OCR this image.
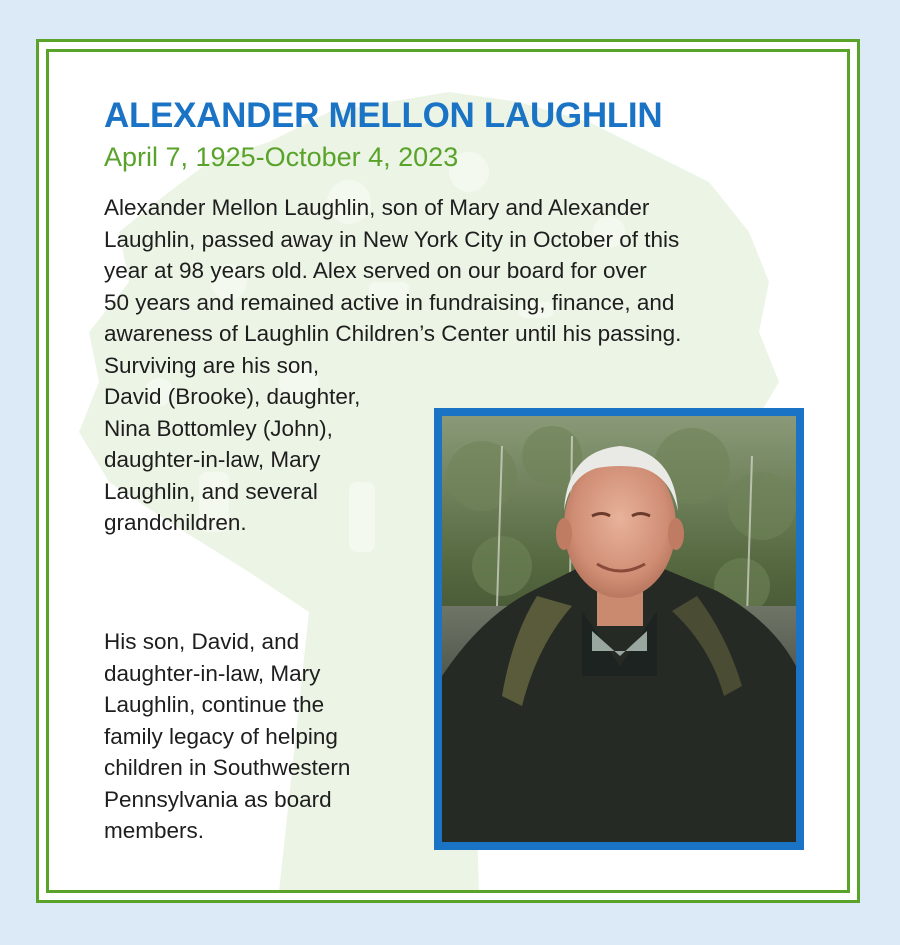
ALEXANDER MELLON LAUGHLIN
April 7, 1925-October 4, 2023
Alexander Mellon Laughlin, son of Mary and Alexander
Laughlin, passed away in New York City in October of this
year at 98 years old. Alex served on our board for over
50 years and remained active in fundraising, finance, and
awareness of Laughlin Children’s Center until his passing.
Surviving are his son,
David (Brooke), daughter,
Nina Bottomley (John),
daughter-in-law, Mary
Laughlin, and several
grandchildren.
His son, David, and
daughter-in-law, Mary
Laughlin, continue the
family legacy of helping
children in Southwestern
Pennsylvania as board
members.
